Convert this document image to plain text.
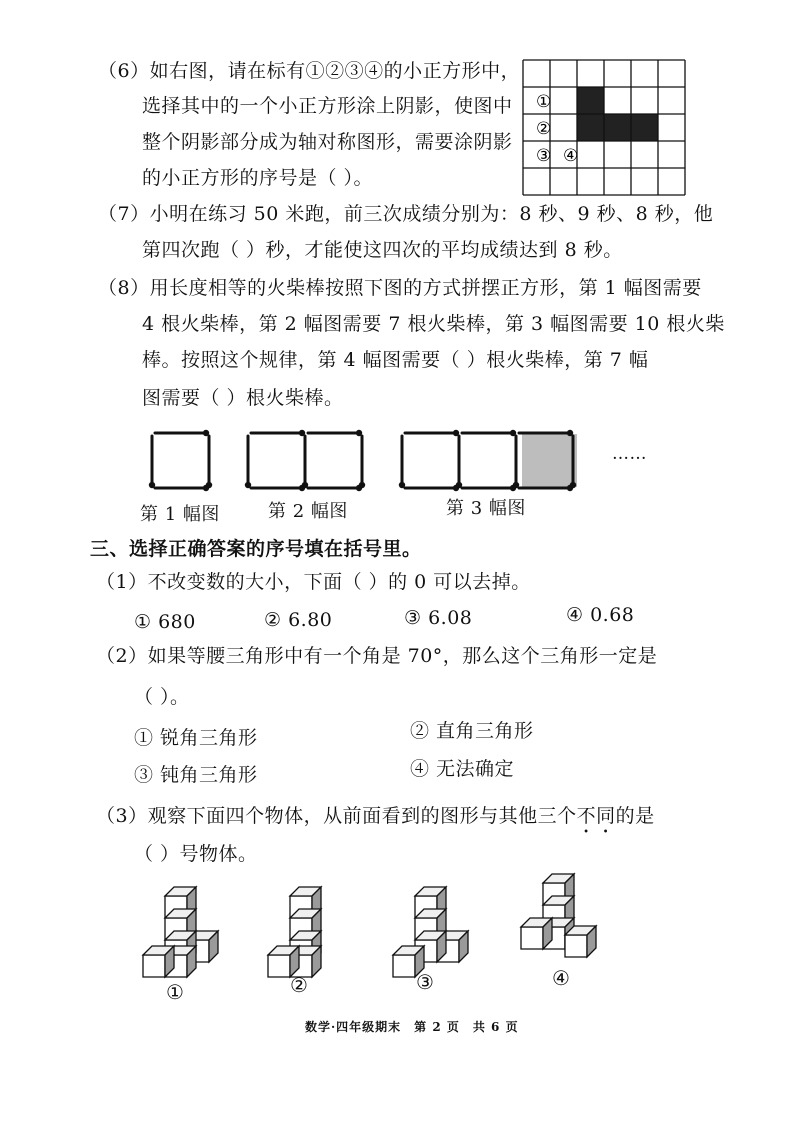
（6）如右图，请在标有①②③④的小正方形中，
选择其中的一个小正方形涂上阴影，使图中
整个阴影部分成为轴对称图形，需要涂阴影
的小正方形的序号是（ ）。
①
②
③ ④
（7）小明在练习 50 米跑，前三次成绩分别为：8 秒、9 秒、8 秒，他
第四次跑（ ）秒，才能使这四次的平均成绩达到 8 秒。
（8）用长度相等的火柴棒按照下图的方式拼摆正方形，第 1 幅图需要
4 根火柴棒，第 2 幅图需要 7 根火柴棒，第 3 幅图需要 10 根火柴
棒。按照这个规律，第 4 幅图需要（ ）根火柴棒，第 7 幅
图需要（ ）根火柴棒。
……
第 1 幅图	第 2 幅图	第 3 幅图
三、选择正确答案的序号填在括号里。
（1）不改变数的大小，下面（ ）的 0 可以去掉。
① 680	② 6.80	③ 6.08	④ 0.68
（2）如果等腰三角形中有一个角是 70°，那么这个三角形一定是
（ ）。
① 锐角三角形	② 直角三角形
③ 钝角三角形	④ 无法确定
（3）观察下面四个物体，从前面看到的图形与其他三个不同的是
（ ）号物体。
①	②	③	④
数学·四年级期末　第 2 页　共 6 页
